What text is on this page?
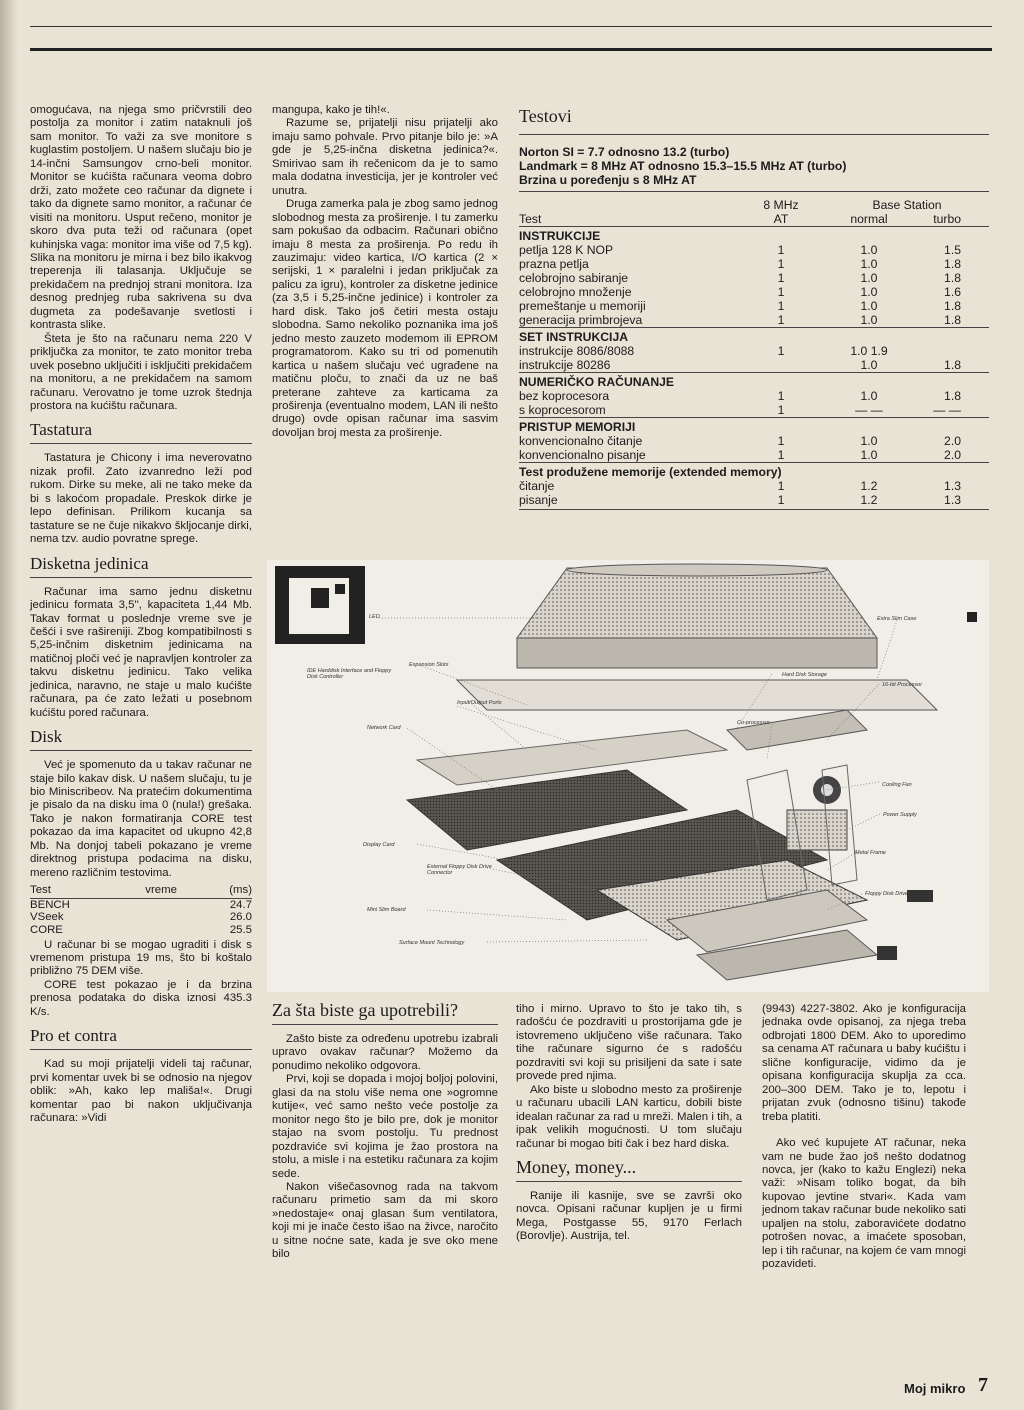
omogućava, na njega smo pričvrstili deo postolja za monitor i zatim nataknuli još sam monitor. To važi za sve monitore s kuglastim postoljem. U našem slučaju bio je 14-inčni Samsungov crno-beli monitor. Monitor se kućišta računara veoma dobro drži, zato možete ceo računar da dignete i tako da dignete samo monitor, a računar će visiti na monitoru. Usput rečeno, monitor je skoro dva puta teži od računara (opet kuhinjska vaga: monitor ima više od 7,5 kg). Slika na monitoru je mirna i bez bilo ikakvog treperenja ili talasanja. Uključuje se prekidačem na prednjoj strani monitora. Iza desnog prednjeg ruba sakrivena su dva dugmeta za podešavanje svetlosti i kontrasta slike.

Šteta je što na računaru nema 220 V priključka za monitor, te zato monitor treba uvek posebno uključiti i isključiti prekidačem na monitoru, a ne prekidačem na samom računaru. Verovatno je tome uzrok štednja prostora na kućištu računara.

Tastatura

Tastatura je Chicony i ima neverovatno nizak profil. Zato izvanredno leži pod rukom. Dirke su meke, ali ne tako meke da bi s lakoćom propadale. Preskok dirke je lepo definisan. Prilikom kucanja sa tastature se ne čuje nikakvo škljocanje dirki, nema tzv. audio povratne sprege.

Disketna jedinica

Računar ima samo jednu disketnu jedinicu formata 3,5'', kapaciteta 1,44 Mb. Takav format u poslednje vreme sve je češći i sve rašireniji. Zbog kompatibilnosti s 5,25-inčnim disketnim jedinicama na matičnoj ploči već je napravljen kontroler za takvu disketnu jedinicu. Tako velika jedinica, naravno, ne staje u malo kućište računara, pa će zato ležati u posebnom kućištu pored računara.

Disk

Već je spomenuto da u takav računar ne staje bilo kakav disk. U našem slučaju, tu je bio Miniscribeov. Na pratećim dokumentima je pisalo da na disku ima 0 (nula!) grešaka. Tako je nakon formatiranja CORE test pokazao da ima kapacitet od ukupno 42,8 Mb. Na donjoj tabeli pokazano je vreme direktnog pristupa podacima na disku, mereno različnim testovima.

Test	vreme	(ms)
BENCH		24.7
VSeek		26.0
CORE		25.5

U računar bi se mogao ugraditi i disk s vremenom pristupa 19 ms, što bi koštalo približno 75 DEM više.

CORE test pokazao je i da brzina prenosa podataka do diska iznosi 435.3 K/s.

Pro et contra

Kad su moji prijatelji videli taj računar, prvi komentar uvek bi se odnosio na njegov oblik: »Ah, kako lep mališa!«. Drugi komentar pao bi nakon uključivanja računara: »Vidi

mangupa, kako je tih!«.

Razume se, prijatelji nisu prijatelji ako imaju samo pohvale. Prvo pitanje bilo je: »A gde je 5,25-inčna disketna jedinica?«. Smirivao sam ih rečenicom da je to samo mala dodatna investicija, jer je kontroler već unutra.

Druga zamerka pala je zbog samo jednog slobodnog mesta za proširenje. I tu zamerku sam pokušao da odbacim. Računari obično imaju 8 mesta za proširenja. Po redu ih zauzimaju: video kartica, I/O kartica (2 × serijski, 1 × paralelni i jedan priključak za palicu za igru), kontroler za disketne jedinice (za 3,5 i 5,25-inčne jedinice) i kontroler za hard disk. Tako još četiri mesta ostaju slobodna. Samo nekoliko poznanika ima još jedno mesto zauzeto modemom ili EPROM programatorom. Kako su tri od pomenutih kartica u našem slučaju već ugrađene na matičnu ploču, to znači da uz ne baš preterane zahteve za karticama za proširenja (eventualno modem, LAN ili nešto drugo) ovde opisan računar ima sasvim dovoljan broj mesta za proširenje.

Testovi
Norton SI = 7.7 odnosno 13.2 (turbo)
Landmark = 8 MHz AT odnosno 15.3–15.5 MHz AT (turbo)
Brzina u poređenju s 8 MHz AT
	8 MHz	Base Station	
Test	AT	normal	turbo
INSTRUKCIJE			
petlja 128 K NOP	1	1.0	1.5
prazna petlja	1	1.0	1.8
celobrojno sabiranje	1	1.0	1.8
celobrojno množenje	1	1.0	1.6
premeštanje u memoriji	1	1.0	1.8
generacija primbrojeva	1	1.0	1.8
SET INSTRUKCIJA			
instrukcije 8086/8088	1	1.0 1.9	
instrukcije 80286		1.0	1.8
NUMERIČKO RAČUNANJE			
bez koprocesora	1	1.0	1.8
s koprocesorom	1	— —	— —
PRISTUP MEMORIJI			
konvencionalno čitanje	1	1.0	2.0
konvencionalno pisanje	1	1.0	2.0
Test produžene memorije (extended memory)			
čitanje	1	1.2	1.3
pisanje	1	1.2	1.3
LED	Extra Slim Case
Expansion Slots
IDE Harddisk Interface and Floppy Disk Controller
Input/Output Ports
Hard Disk Storage
16-bit Processor
Network Card
Co-processor
Cooling Fan
Power Supply
Display Card
External Floppy Disk Drive Connector
Metal Frame
Mini Slim Board
Floppy Disk Drive
Surface Mount Technology
Za šta biste ga upotrebili?

Zašto biste za određenu upotrebu izabrali upravo ovakav računar? Možemo da ponudimo nekoliko odgovora.

Prvi, koji se dopada i mojoj boljoj polovini, glasi da na stolu više nema one »ogromne kutije«, već samo nešto veće postolje za monitor nego što je bilo pre, dok je monitor stajao na svom postolju. Tu prednost pozdraviće svi kojima je žao prostora na stolu, a misle i na estetiku računara za kojim sede.

Nakon višečasovnog rada na takvom računaru primetio sam da mi skoro »nedostaje« onaj glasan šum ventilatora, koji mi je inače često išao na živce, naročito u sitne noćne sate, kada je sve oko mene bilo

tiho i mirno. Upravo to što je tako tih, s radošću će pozdraviti u prostorijama gde je istovremeno uključeno više računara. Tako tihe računare sigurno će s radošću pozdraviti svi koji su prisiljeni da sate i sate provede pred njima.

Ako biste u slobodno mesto za proširenje u računaru ubacili LAN karticu, dobili biste idealan računar za rad u mreži. Malen i tih, a ipak velikih mogućnosti. U tom slučaju računar bi mogao biti čak i bez hard diska.

Money, money...

Ranije ili kasnije, sve se završi oko novca. Opisani računar kupljen je u firmi Mega, Postgasse 55, 9170 Ferlach (Borovlje). Austrija, tel.

(9943) 4227-3802. Ako je konfiguracija jednaka ovde opisanoj, za njega treba odbrojati 1800 DEM. Ako to uporedimo sa cenama AT računara u baby kućištu i slične konfiguracije, vidimo da je opisana konfiguracija skuplja za cca. 200–300 DEM. Tako je to, lepotu i prijatan zvuk (odnosno tišinu) takođe treba platiti.

Ako već kupujete AT računar, neka vam ne bude žao još nešto dodatnog novca, jer (kako to kažu Englezi) neka važi: »Nisam toliko bogat, da bih kupovao jevtine stvari«. Kada vam jednom takav računar bude nekoliko sati upaljen na stolu, zaboravićete dodatno potrošen novac, a imaćete sposoban, lep i tih računar, na kojem će vam mnogi pozavideti.

Moj mikro 7
